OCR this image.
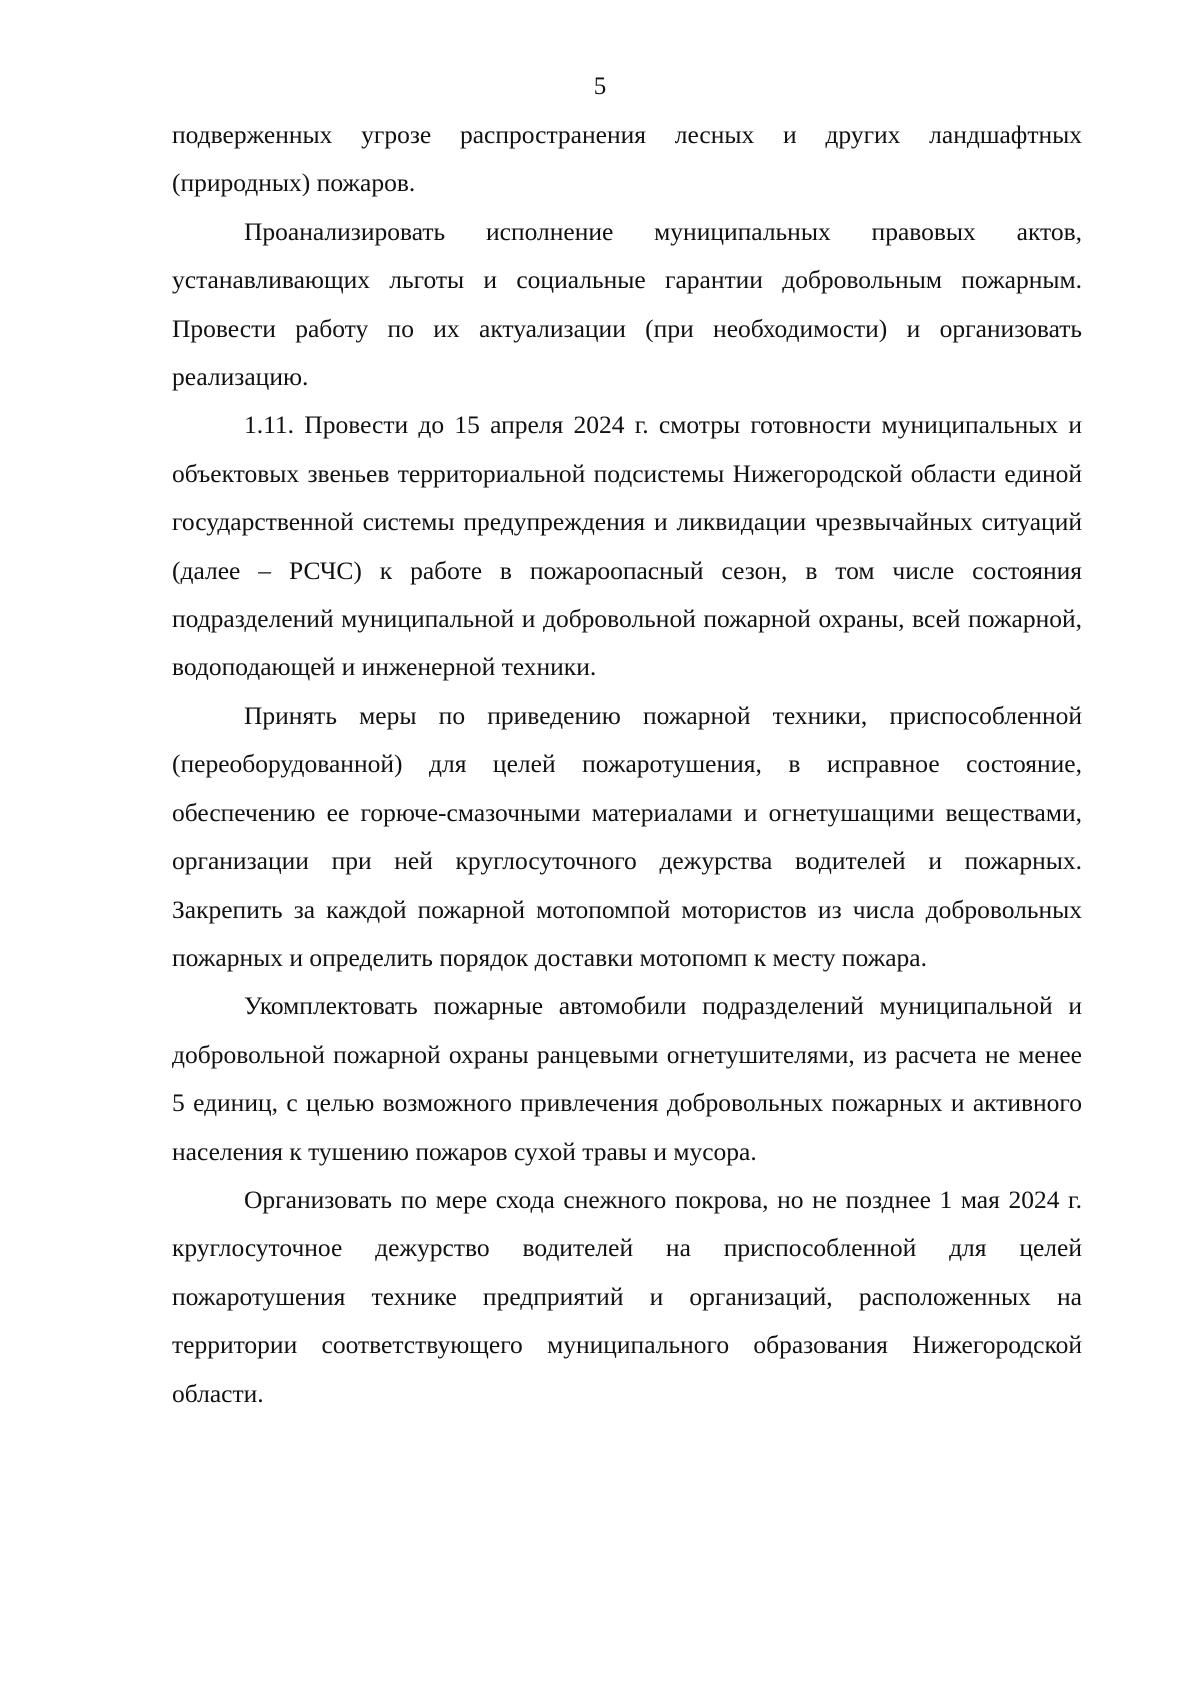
5

подверженных угрозе распространения лесных и других ландшафтных (природных) пожаров.

Проанализировать исполнение муниципальных правовых актов, устанавливающих льготы и социальные гарантии добровольным пожарным. Провести работу по их актуализации (при необходимости) и организовать реализацию.

1.11. Провести до 15 апреля 2024 г. смотры готовности муниципальных и объектовых звеньев территориальной подсистемы Нижегородской области единой государственной системы предупреждения и ликвидации чрезвычайных ситуаций (далее – РСЧС) к работе в пожароопасный сезон, в том числе состояния подразделений муниципальной и добровольной пожарной охраны, всей пожарной, водоподающей и инженерной техники.

Принять меры по приведению пожарной техники, приспособленной (переоборудованной) для целей пожаротушения, в исправное состояние, обеспечению ее горюче-смазочными материалами и огнетушащими веществами, организации при ней круглосуточного дежурства водителей и пожарных. Закрепить за каждой пожарной мотопомпой мотористов из числа добровольных пожарных и определить порядок доставки мотопомп к месту пожара.

Укомплектовать пожарные автомобили подразделений муниципальной и добровольной пожарной охраны ранцевыми огнетушителями, из расчета не менее 5 единиц, с целью возможного привлечения добровольных пожарных и активного населения к тушению пожаров сухой травы и мусора.

Организовать по мере схода снежного покрова, но не позднее 1 мая 2024 г. круглосуточное дежурство водителей на приспособленной для целей пожаротушения технике предприятий и организаций, расположенных на территории соответствующего муниципального образования Нижегородской области.
